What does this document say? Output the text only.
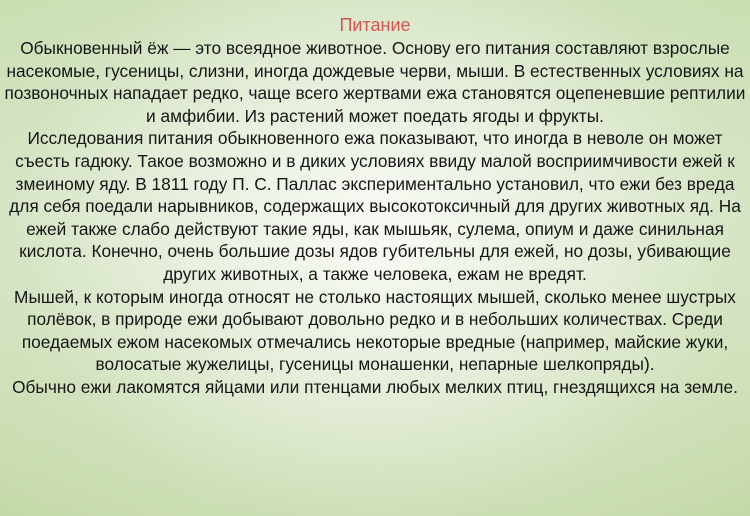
Питание

Обыкновенный ёж — это всеядное животное. Основу его питания составляют взрослые насекомые, гусеницы, слизни, иногда дождевые черви, мыши. В естественных условиях на позвоночных нападает редко, чаще всего жертвами ежа становятся оцепеневшие рептилии и амфибии. Из растений может поедать ягоды и фрукты.

Исследования питания обыкновенного ежа показывают, что иногда в неволе он может съесть гадюку. Такое возможно и в диких условиях ввиду малой восприимчивости ежей к змеиному яду. В 1811 году П. С. Паллас экспериментально установил, что ежи без вреда для себя поедали нарывников, содержащих высокотоксичный для других животных яд. На ежей также слабо действуют такие яды, как мышьяк, сулема, опиум и даже синильная кислота. Конечно, очень большие дозы ядов губительны для ежей, но дозы, убивающие других животных, а также человека, ежам не вредят.

Мышей, к которым иногда относят не столько настоящих мышей, сколько менее шустрых полёвок, в природе ежи добывают довольно редко и в небольших количествах. Среди поедаемых ежом насекомых отмечались некоторые вредные (например, майские жуки, волосатые жужелицы, гусеницы монашенки, непарные шелкопряды).

Обычно ежи лакомятся яйцами или птенцами любых мелких птиц, гнездящихся на земле.
